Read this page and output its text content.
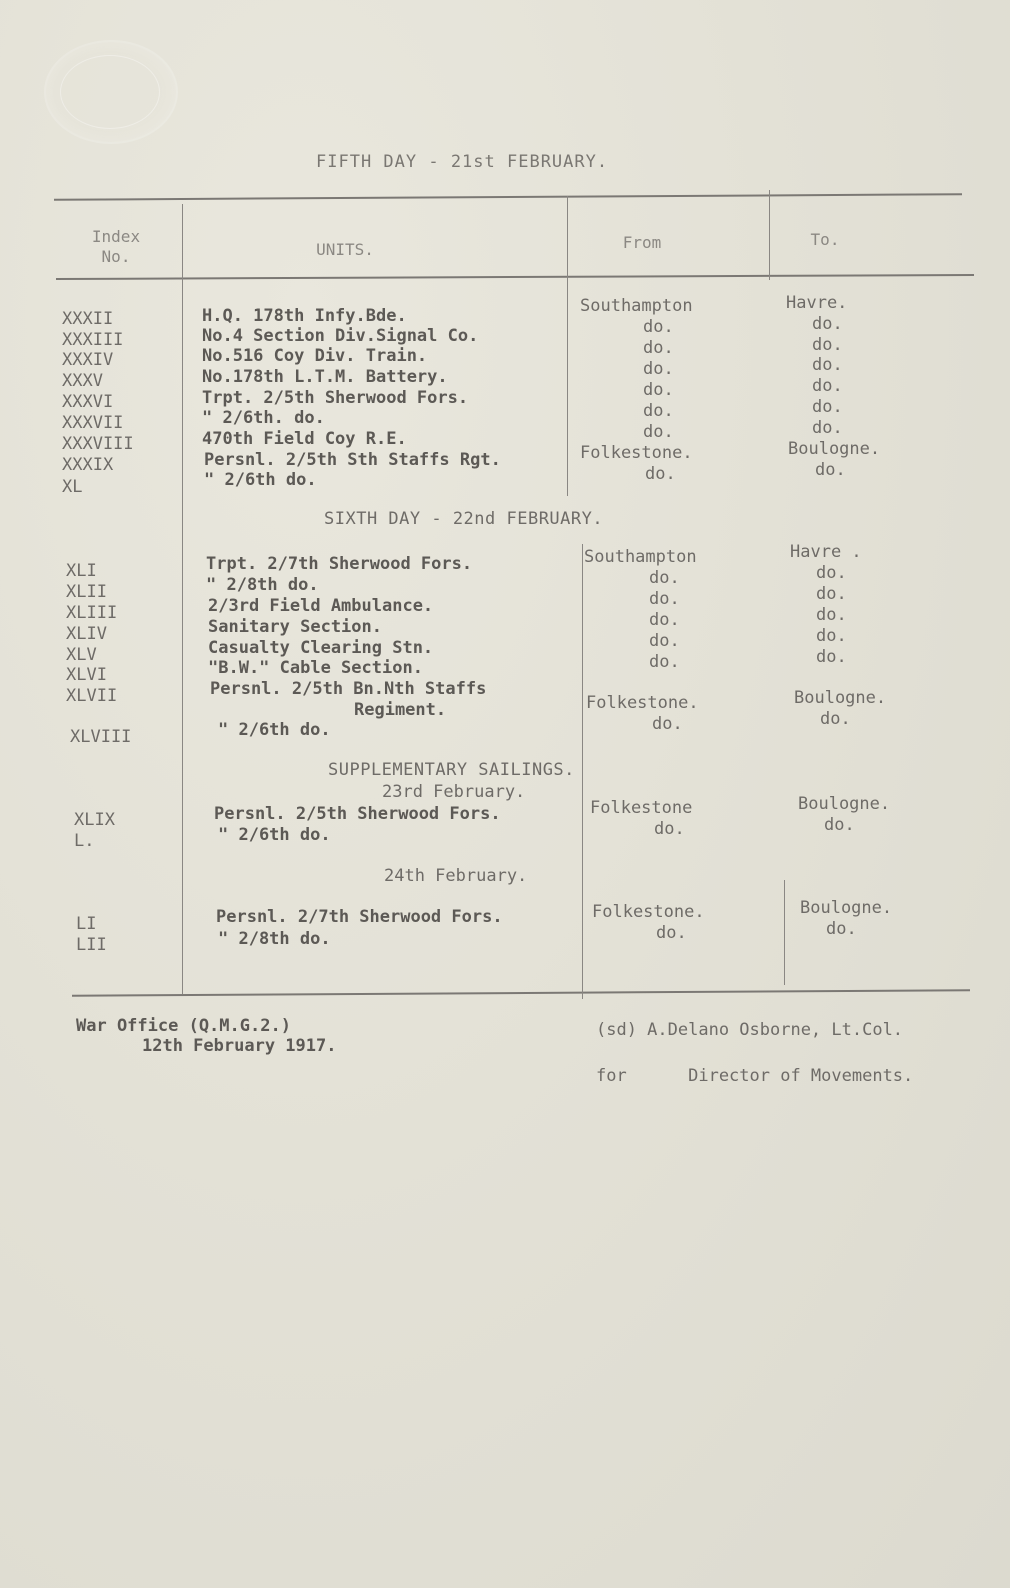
FIFTH DAY - 21st FEBRUARY.
Index
No.	UNITS.	From	To.
XXXII	H.Q. 178th Infy.Bde.	Southampton	Havre.
XXXIII	No.4 Section Div.Signal Co.	do.	do.
XXXIV	No.516 Coy Div. Train.	do.	do.
XXXV	No.178th L.T.M. Battery.	do.	do.
XXXVI	Trpt. 2/5th Sherwood Fors.	do.	do.
XXXVII	" 2/6th. do.	do.	do.
XXXVIII	470th Field Coy R.E.	do.	do.
XXXIX	Persnl. 2/5th Sth Staffs Rgt.	Folkestone.	Boulogne.
XL	" 2/6th do.	do.	do.
SIXTH DAY - 22nd FEBRUARY.
XLI	Trpt. 2/7th Sherwood Fors.	Southampton	Havre .
XLII	" 2/8th do.	do.	do.
XLIII	2/3rd Field Ambulance.	do.	do.
XLIV	Sanitary Section.	do.	do.
XLV	Casualty Clearing Stn.	do.	do.
XLVI	"B.W." Cable Section.	do.	do.
XLVII	Persnl. 2/5th Bn.Nth Staffs
Regiment.	Folkestone.	Boulogne.
XLVIII	" 2/6th do.	do.	do.
SUPPLEMENTARY SAILINGS.
23rd February.
XLIX	Persnl. 2/5th Sherwood Fors.	Folkestone	Boulogne.
L.	" 2/6th do.	do.	do.
24th February.
LI	Persnl. 2/7th Sherwood Fors.	Folkestone.	Boulogne.
LII	" 2/8th do.	do.	do.
War Office (Q.M.G.2.)
12th February 1917.
(sd) A.Delano Osborne, Lt.Col.
for      Director of Movements.
